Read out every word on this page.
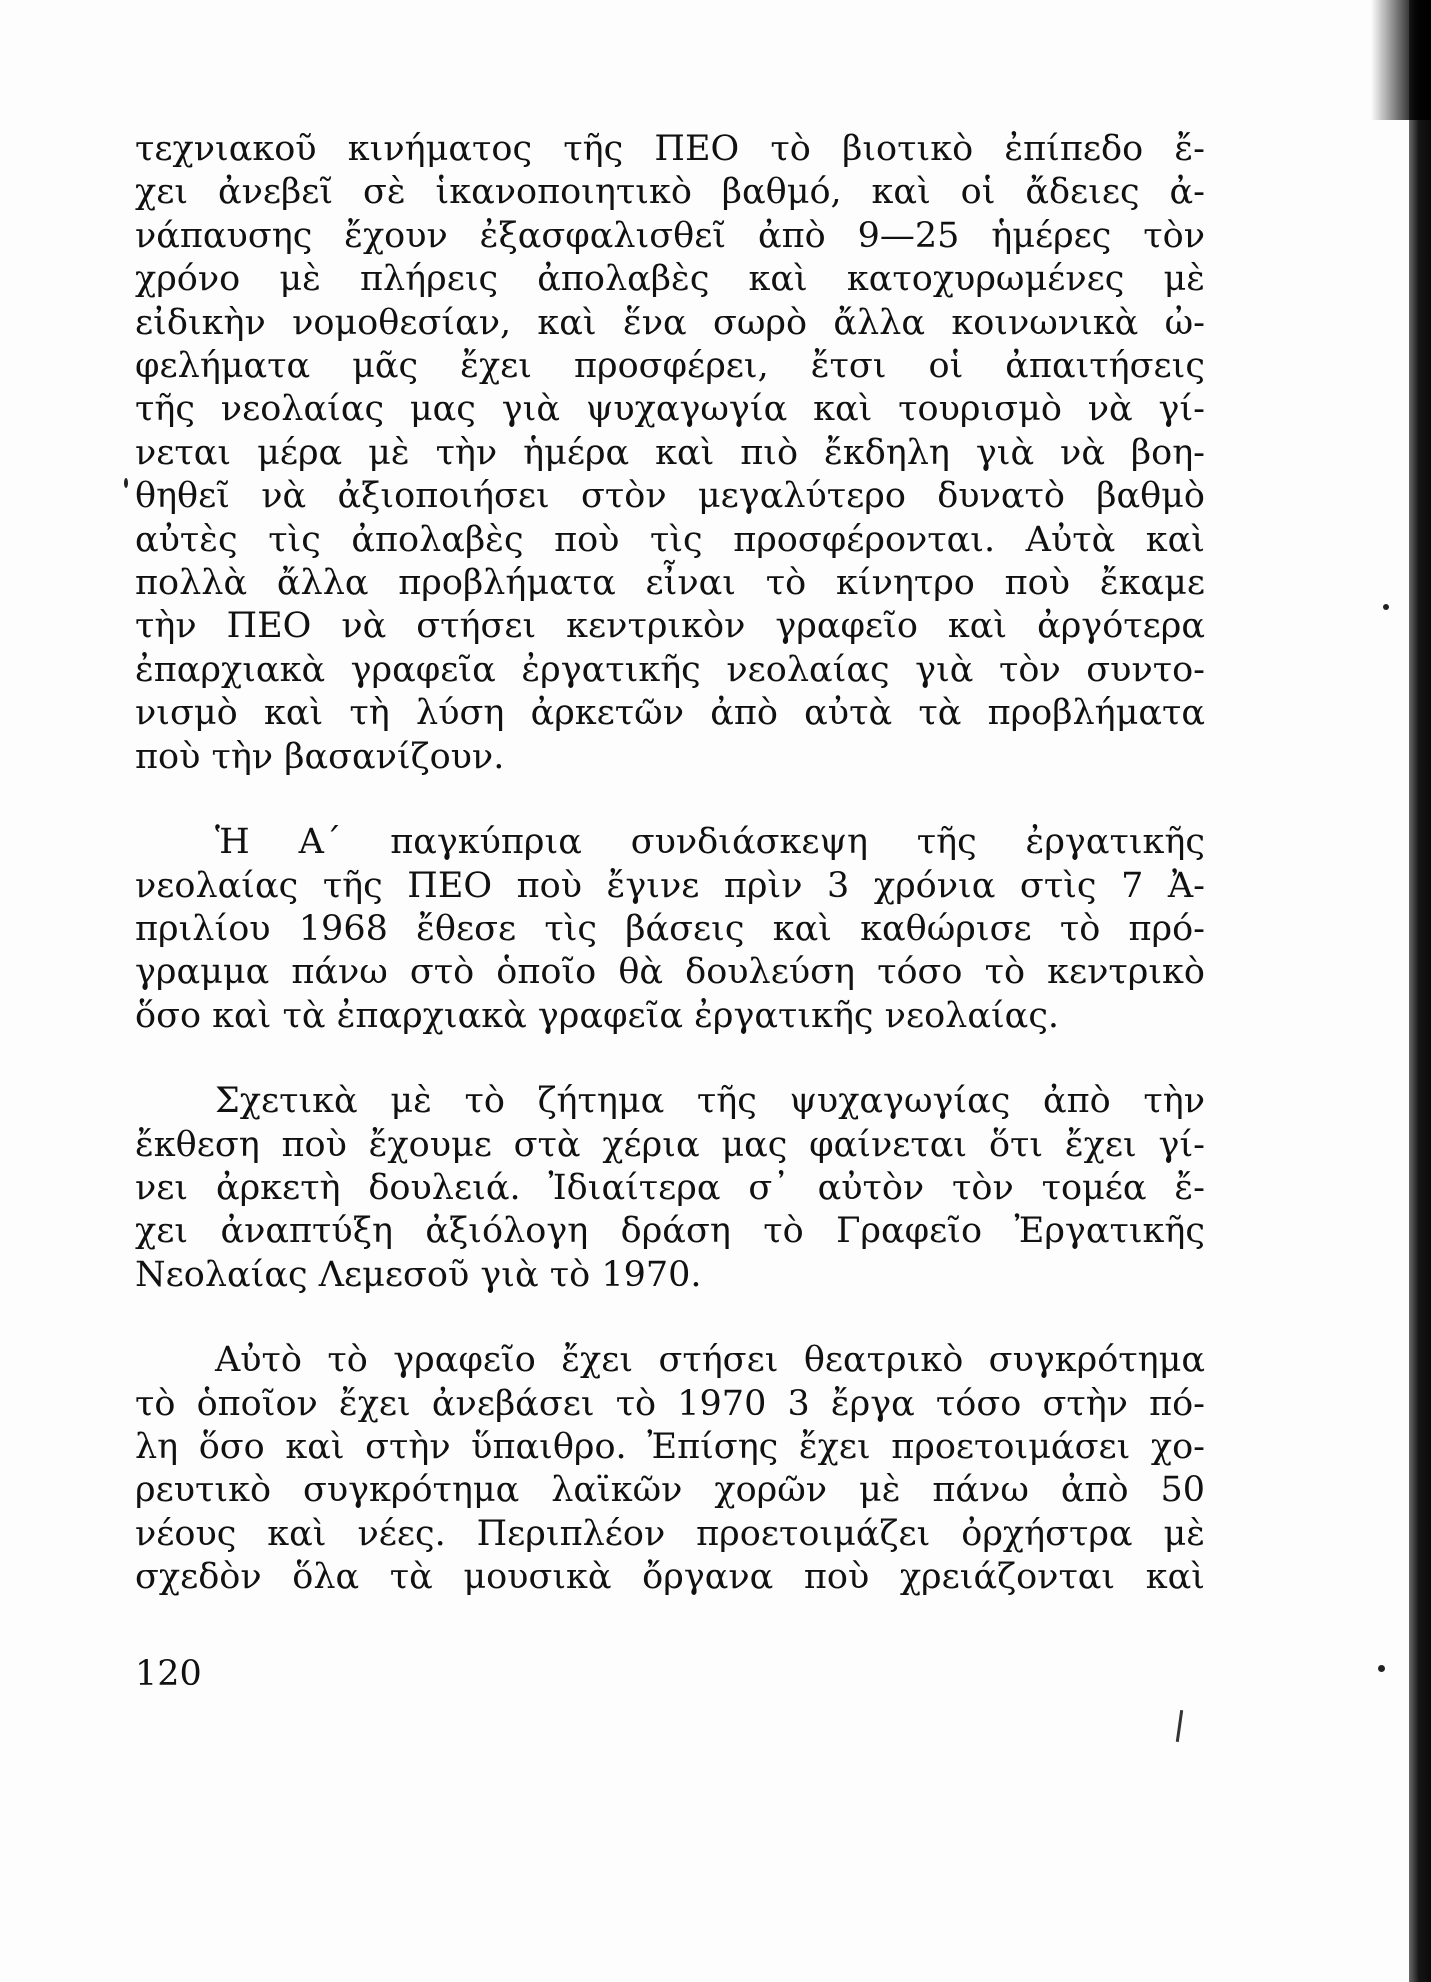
τεχνιακοῦ κινήματος τῆς ΠΕΟ τὸ βιοτικὸ ἐπίπεδο ἔ-
χει ἀνεβεῖ σὲ ἱκανοποιητικὸ βαθμό, καὶ οἱ ἄδειες ἀ-
νάπαυσης ἔχουν ἐξασφαλισθεῖ ἀπὸ 9—25 ἡμέρες τὸν
χρόνο μὲ πλήρεις ἀπολαβὲς καὶ κατοχυρωμένες μὲ
εἰδικὴν νομοθεσίαν, καὶ ἕνα σωρὸ ἄλλα κοινωνικὰ ὠ-
φελήματα μᾶς ἔχει προσφέρει, ἔτσι οἱ ἀπαιτήσεις
τῆς νεολαίας μας γιὰ ψυχαγωγία καὶ τουρισμὸ νὰ γί-
νεται μέρα μὲ τὴν ἡμέρα καὶ πιὸ ἔκδηλη γιὰ νὰ βοη-
θηθεῖ νὰ ἀξιοποιήσει στὸν μεγαλύτερο δυνατὸ βαθμὸ
αὐτὲς τὶς ἀπολαβὲς ποὺ τὶς προσφέρονται. Αὐτὰ καὶ
πολλὰ ἄλλα προβλήματα εἶναι τὸ κίνητρο ποὺ ἔκαμε
τὴν ΠΕΟ νὰ στήσει κεντρικὸν γραφεῖο καὶ ἀργότερα
ἐπαρχιακὰ γραφεῖα ἐργατικῆς νεολαίας γιὰ τὸν συντο-
νισμὸ καὶ τὴ λύση ἀρκετῶν ἀπὸ αὐτὰ τὰ προβλήματα
ποὺ τὴν βασανίζουν.

Ἡ Α΄ παγκύπρια συνδιάσκεψη τῆς ἐργατικῆς
νεολαίας τῆς ΠΕΟ ποὺ ἔγινε πρὶν 3 χρόνια στὶς 7 Ἀ-
πριλίου 1968 ἔθεσε τὶς βάσεις καὶ καθώρισε τὸ πρό-
γραμμα πάνω στὸ ὁποῖο θὰ δουλεύση τόσο τὸ κεντρικὸ
ὅσο καὶ τὰ ἐπαρχιακὰ γραφεῖα ἐργατικῆς νεολαίας.

Σχετικὰ μὲ τὸ ζήτημα τῆς ψυχαγωγίας ἀπὸ τὴν
ἔκθεση ποὺ ἔχουμε στὰ χέρια μας φαίνεται ὅτι ἔχει γί-
νει ἀρκετὴ δουλειά. Ἰδιαίτερα σ᾿ αὐτὸν τὸν τομέα ἔ-
χει ἀναπτύξη ἀξιόλογη δράση τὸ Γραφεῖο Ἐργατικῆς
Νεολαίας Λεμεσοῦ γιὰ τὸ 1970.

Αὐτὸ τὸ γραφεῖο ἔχει στήσει θεατρικὸ συγκρότημα
τὸ ὁποῖον ἔχει ἀνεβάσει τὸ 1970 3 ἔργα τόσο στὴν πό-
λη ὅσο καὶ στὴν ὕπαιθρο. Ἐπίσης ἔχει προετοιμάσει χο-
ρευτικὸ συγκρότημα λαϊκῶν χορῶν μὲ πάνω ἀπὸ 50
νέους καὶ νέες. Περιπλέον προετοιμάζει ὀρχήστρα μὲ
σχεδὸν ὅλα τὰ μουσικὰ ὄργανα ποὺ χρειάζονται καὶ

120
